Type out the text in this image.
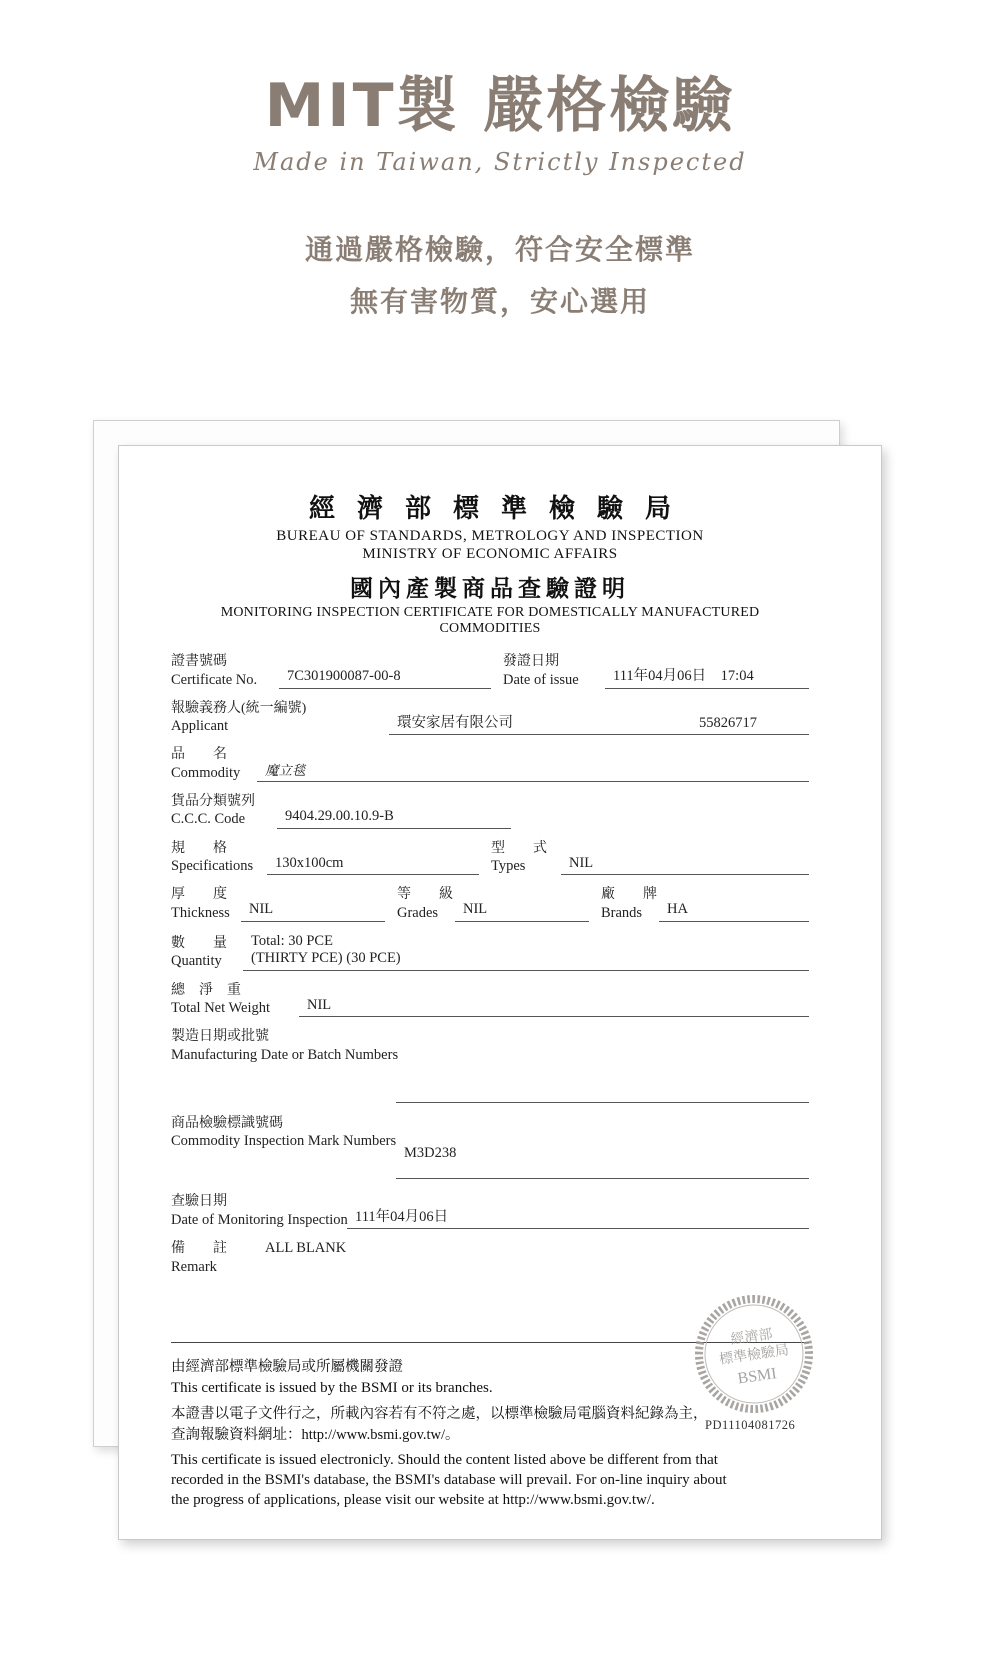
MIT製 嚴格檢驗
Made in Taiwan, Strictly Inspected
通過嚴格檢驗，符合安全標準
無有害物質，安心選用
經濟部標準檢驗局
BUREAU OF STANDARDS, METROLOGY AND INSPECTION
MINISTRY OF ECONOMIC AFFAIRS
國內產製商品查驗證明
MONITORING INSPECTION CERTIFICATE FOR DOMESTICALLY MANUFACTURED COMMODITIES
證書號碼
Certificate No.	7C301900087-00-8
發證日期
Date of issue	111年04月06日　17:04
報驗義務人(統一編號)
Applicant	環安家居有限公司	55826717
品　　名
Commodity	魔立毯
貨品分類號列
C.C.C. Code	9404.29.00.10.9-B
規　　格
Specifications	130x100cm
型　　式
Types	NIL
厚　　度
Thickness	NIL
等　　級
Grades	NIL
廠　　牌
Brands	HA
數　　量
Quantity
Total: 30 PCE
(THIRTY PCE) (30 PCE)
總　淨　重
Total Net Weight	NIL
製造日期或批號
Manufacturing Date or Batch Numbers
商品檢驗標識號碼
Commodity Inspection Mark Numbers
M3D238
查驗日期
Date of Monitoring Inspection 111年04月06日
備　　註
Remark
ALL BLANK
由經濟部標準檢驗局或所屬機關發證
This certificate is issued by the BSMI or its branches.
本證書以電子文件行之，所載內容若有不符之處，以標準檢驗局電腦資料紀錄為主，
查詢報驗資料網址：http://www.bsmi.gov.tw/。
This certificate is issued electronicly. Should the content listed above be different from that recorded in the BSMI's database, the BSMI's database will prevail. For on-line inquiry about the progress of applications, please visit our website at http://www.bsmi.gov.tw/.
經濟部
標準檢驗局
BSMI
PD11104081726
